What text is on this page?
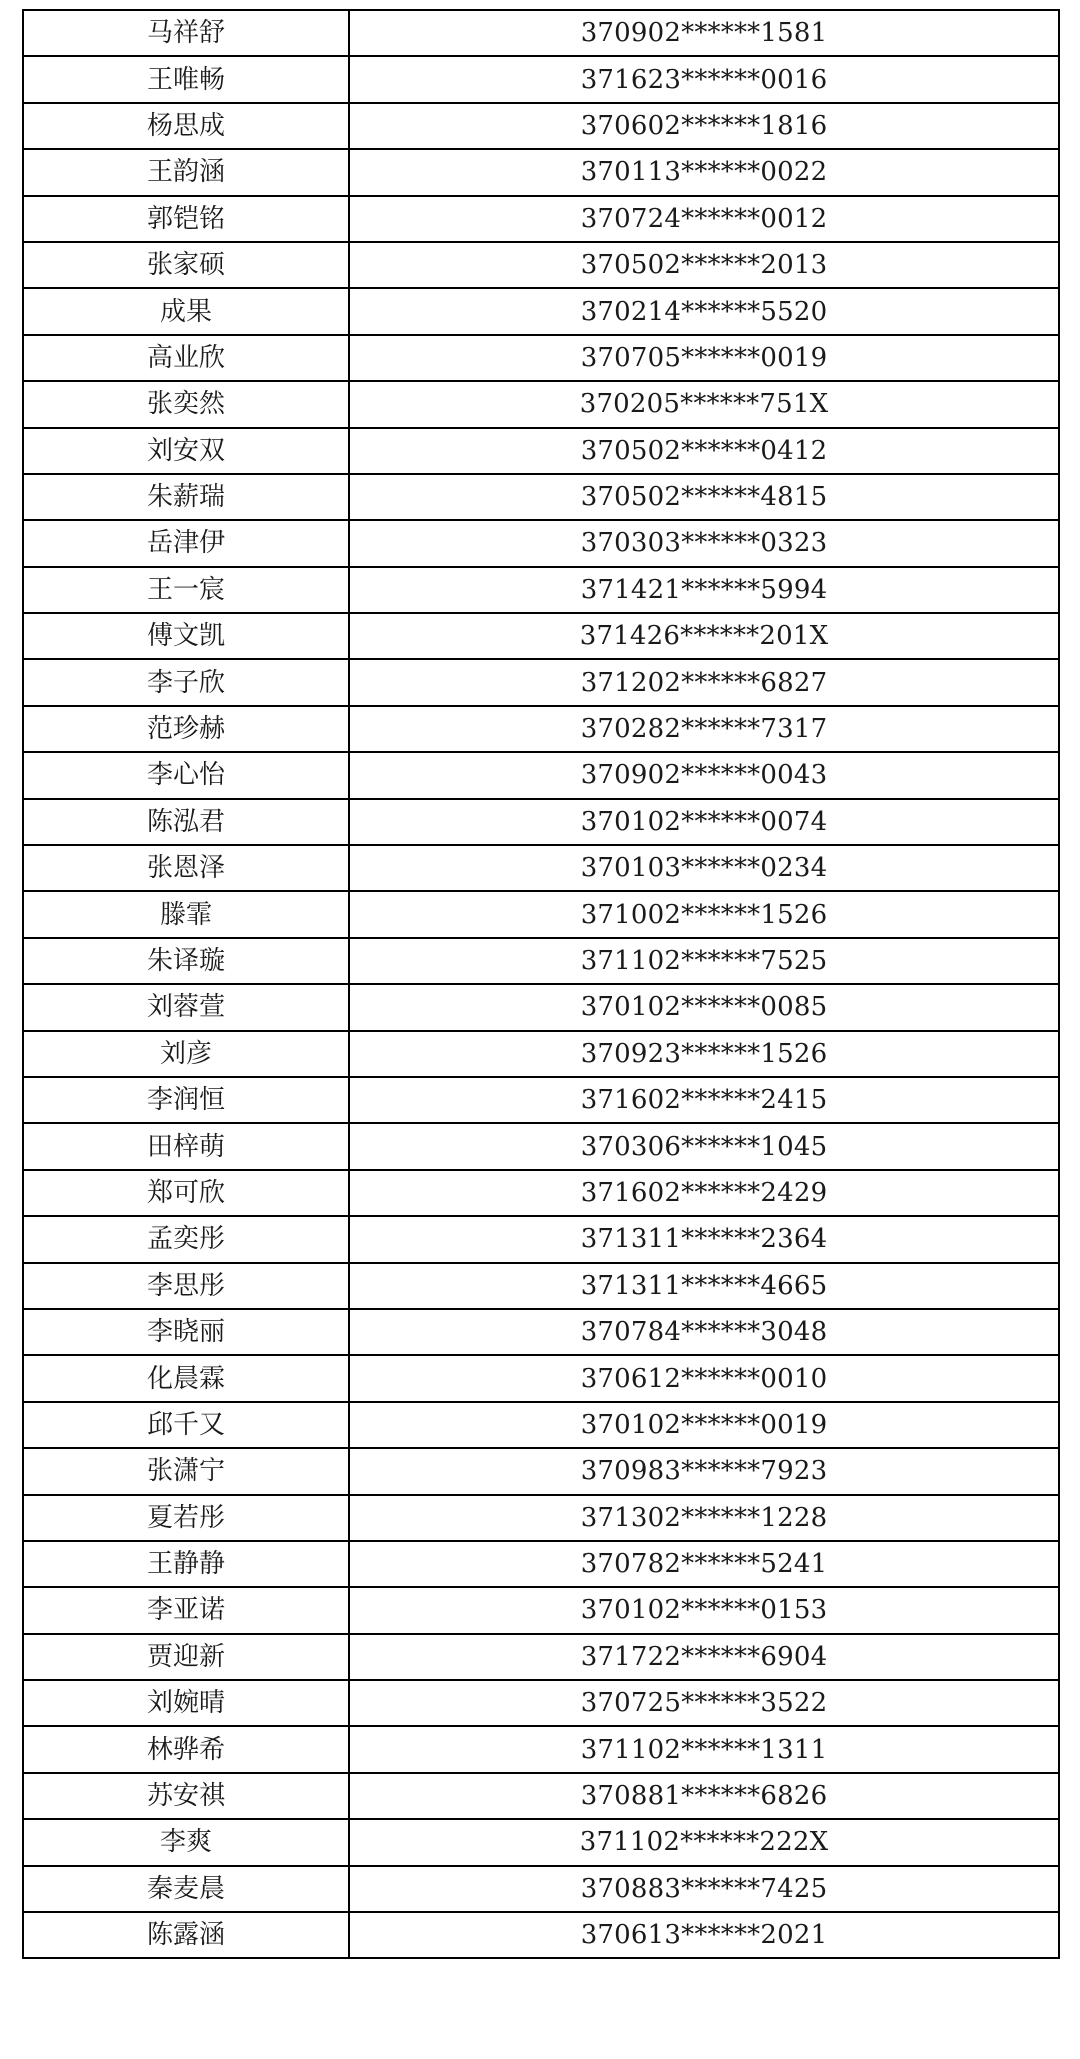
马祥舒	370902******1581
王唯畅	371623******0016
杨思成	370602******1816
王韵涵	370113******0022
郭铠铭	370724******0012
张家硕	370502******2013
成果	370214******5520
高业欣	370705******0019
张奕然	370205******751X
刘安双	370502******0412
朱薪瑞	370502******4815
岳津伊	370303******0323
王一宸	371421******5994
傅文凯	371426******201X
李子欣	371202******6827
范珍赫	370282******7317
李心怡	370902******0043
陈泓君	370102******0074
张恩泽	370103******0234
滕霏	371002******1526
朱译璇	371102******7525
刘蓉萱	370102******0085
刘彦	370923******1526
李润恒	371602******2415
田梓萌	370306******1045
郑可欣	371602******2429
孟奕彤	371311******2364
李思彤	371311******4665
李晓丽	370784******3048
化晨霖	370612******0010
邱千又	370102******0019
张潇宁	370983******7923
夏若彤	371302******1228
王静静	370782******5241
李亚诺	370102******0153
贾迎新	371722******6904
刘婉晴	370725******3522
林骅希	371102******1311
苏安祺	370881******6826
李爽	371102******222X
秦麦晨	370883******7425
陈露涵	370613******2021
